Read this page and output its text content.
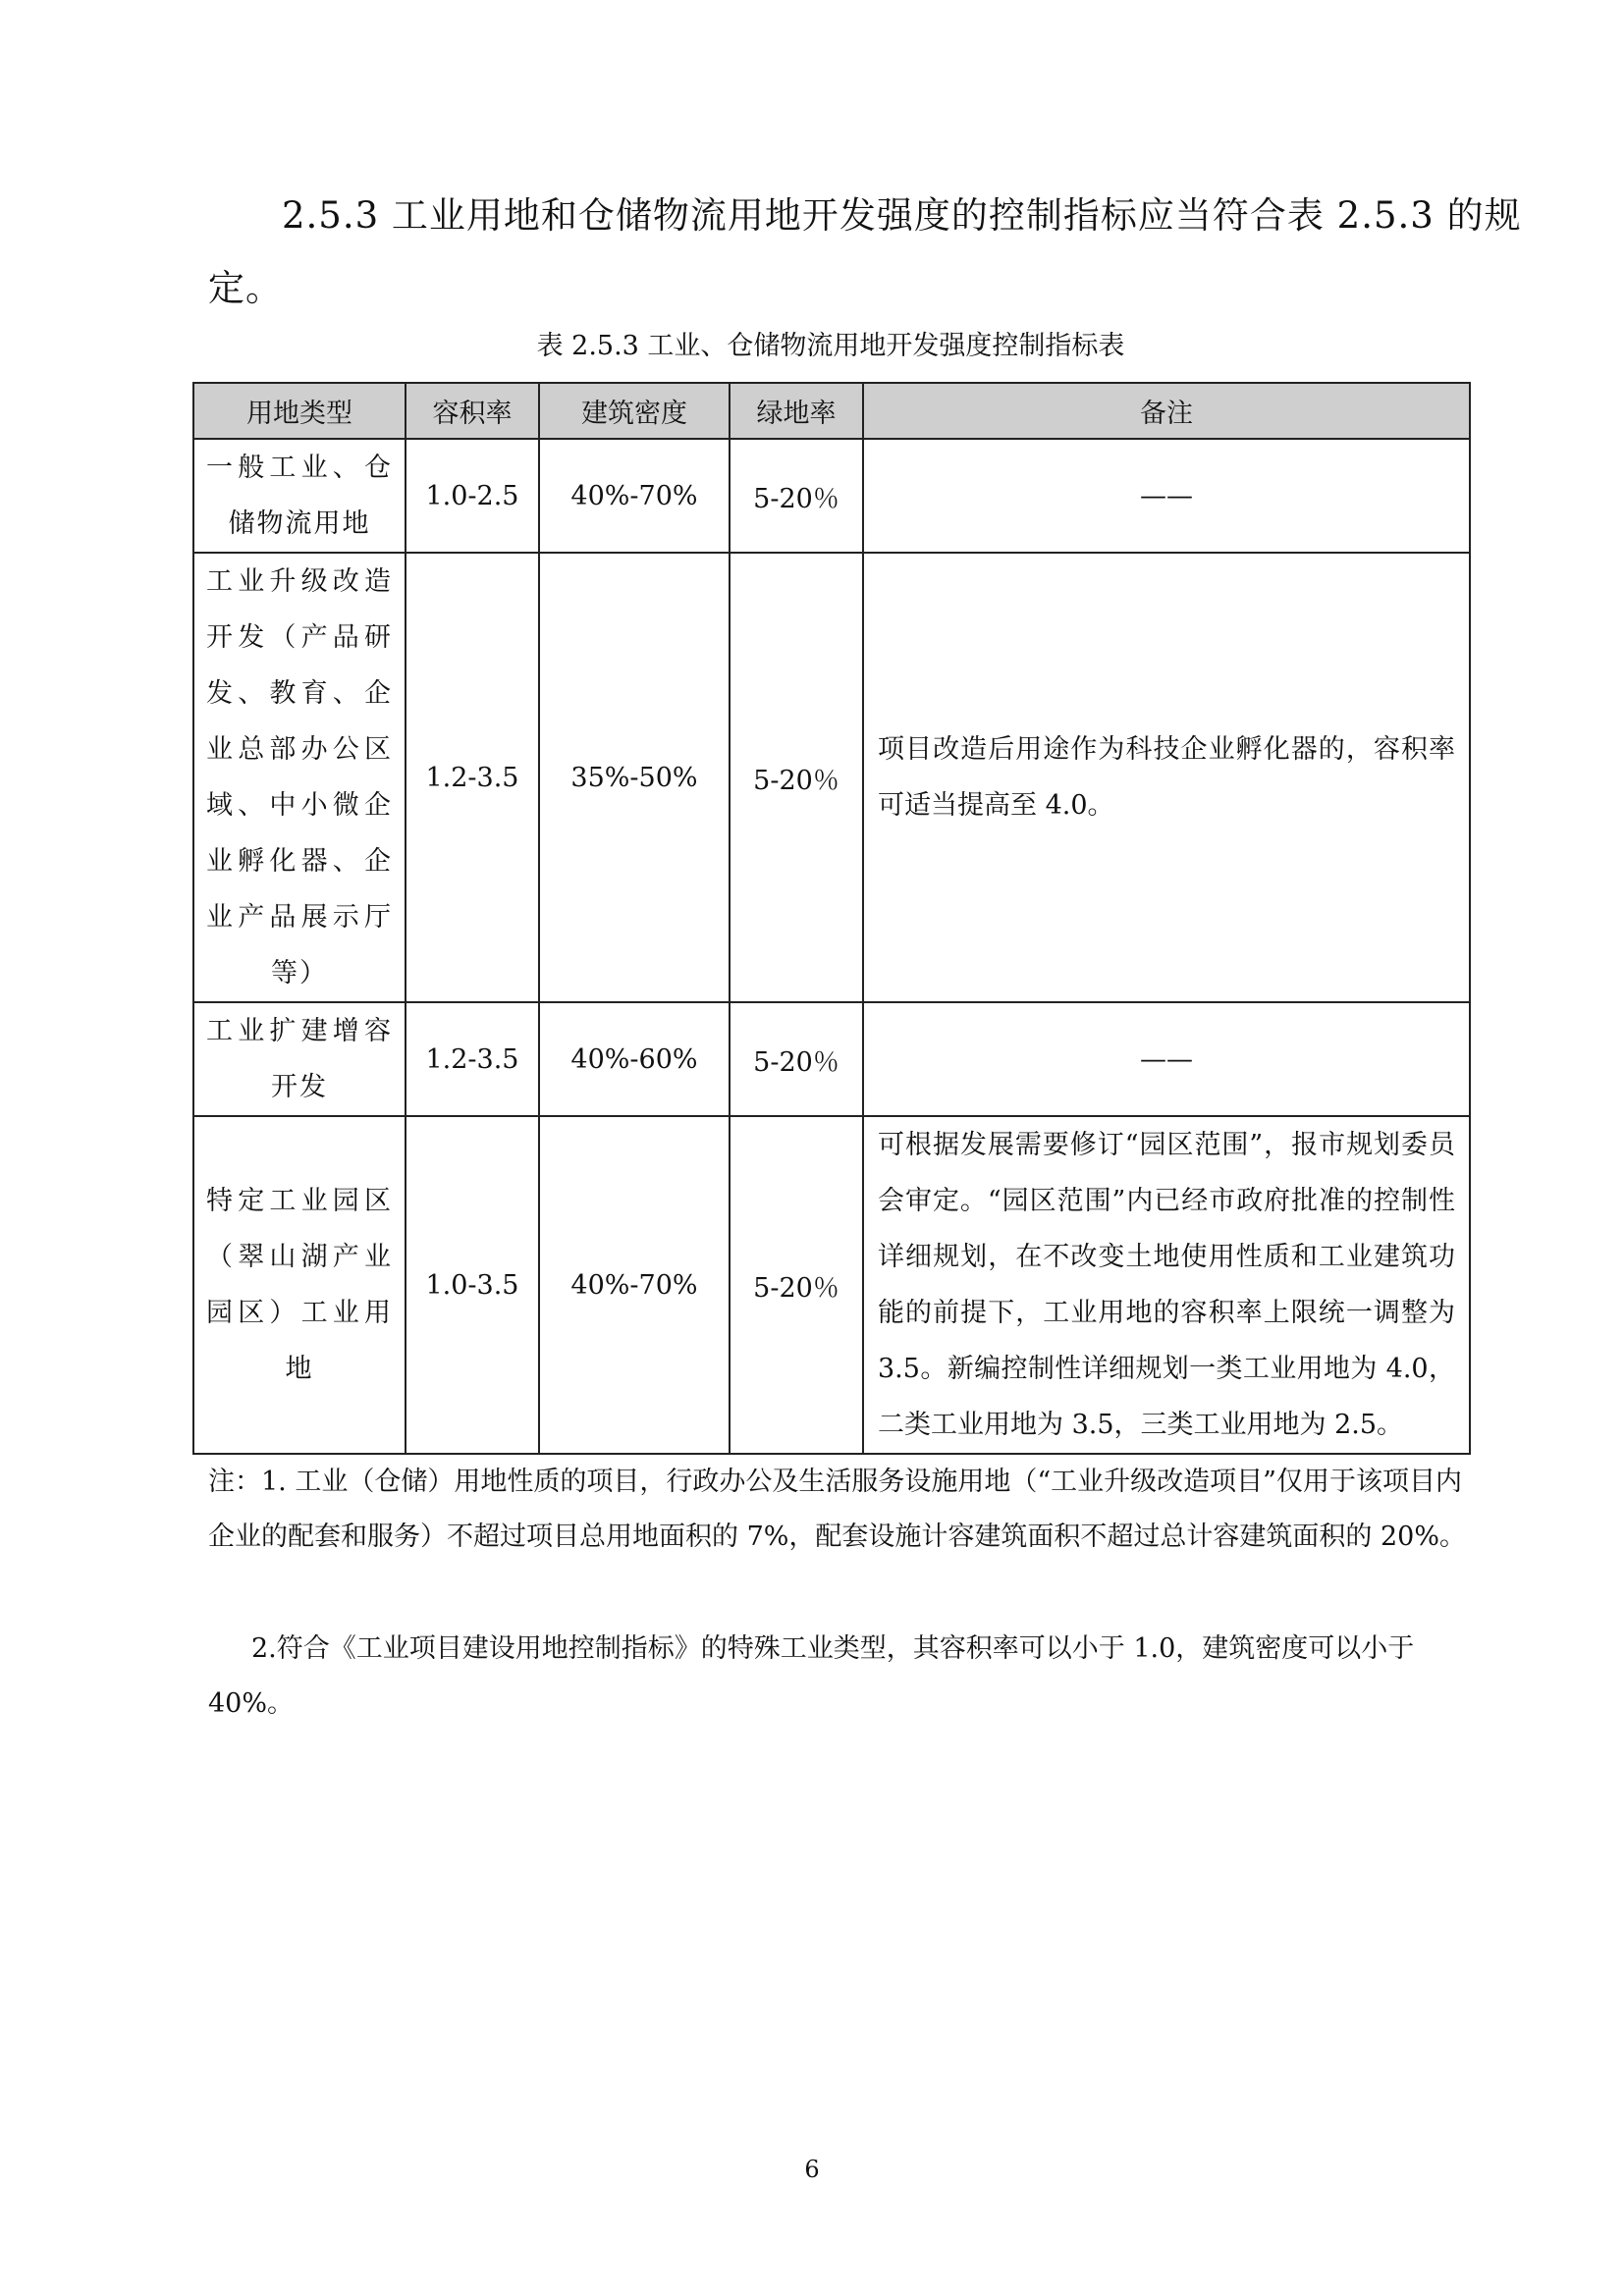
2.5.3 工业用地和仓储物流用地开发强度的控制指标应当符合表 2.5.3 的规定。

表 2.5.3 工业、仓储物流用地开发强度控制指标表

用地类型	容积率	建筑密度	绿地率	备注
一般工业、仓储物流用地	1.0-2.5	40%-70%	5-20％	——
工业升级改造开发（产品研发、教育、企业总部办公区域、中小微企业孵化器、企业产品展示厅等）	1.2-3.5	35%-50%	5-20％	项目改造后用途作为科技企业孵化器的，容积率可适当提高至 4.0。
工业扩建增容开发	1.2-3.5	40%-60%	5-20％	——
特定工业园区（翠山湖产业园区）工业用地	1.0-3.5	40%-70%	5-20％	可根据发展需要修订“园区范围”，报市规划委员会审定。“园区范围”内已经市政府批准的控制性详细规划，在不改变土地使用性质和工业建筑功能的前提下，工业用地的容积率上限统一调整为 3.5。新编控制性详细规划一类工业用地为 4.0，二类工业用地为 3.5，三类工业用地为 2.5。

注：1. 工业（仓储）用地性质的项目，行政办公及生活服务设施用地（“工业升级改造项目”仅用于该项目内企业的配套和服务）不超过项目总用地面积的 7%，配套设施计容建筑面积不超过总计容建筑面积的 20%。

2.符合《工业项目建设用地控制指标》的特殊工业类型，其容积率可以小于 1.0，建筑密度可以小于 40%。

6
